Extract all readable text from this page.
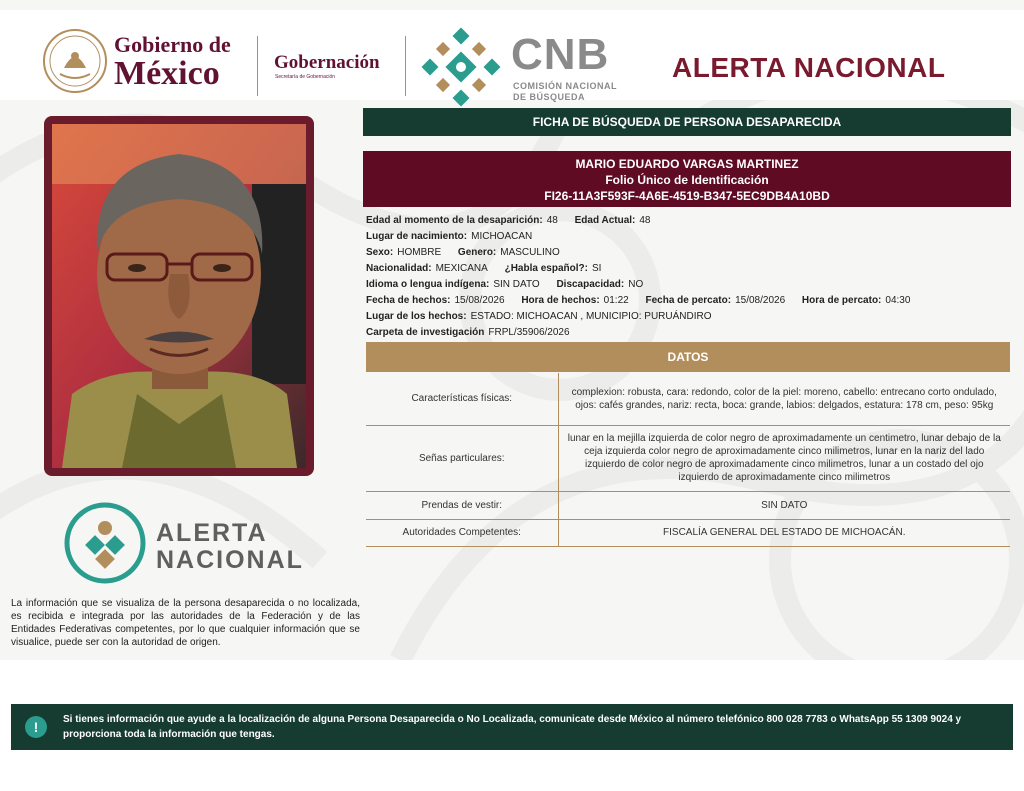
Gobierno de
México	Gobernación
Secretaría de Gobernación	CNB
COMISIÓN NACIONAL
DE BÚSQUEDA
ALERTA NACIONAL
FICHA DE BÚSQUEDA DE PERSONA DESAPARECIDA
MARIO EDUARDO VARGAS MARTINEZ
Folio Único de Identificación
FI26-11A3F593F-4A6E-4519-B347-5EC9DB4A10BD
Edad al momento de la desaparición: 48 Edad Actual: 48
Lugar de nacimiento: MICHOACAN
Sexo: HOMBRE Genero: MASCULINO
Nacionalidad: MEXICANA ¿Habla español?: SI
Idioma o lengua indígena: SIN DATO Discapacidad: NO
Fecha de hechos: 15/08/2026 Hora de hechos: 01:22 Fecha de percato: 15/08/2026 Hora de percato: 04:30
Lugar de los hechos: ESTADO: MICHOACAN , MUNICIPIO: PURUÁNDIRO
Carpeta de investigación FRPL/35906/2026
DATOS
Características físicas:	complexion: robusta, cara: redondo, color de la piel: moreno, cabello: entrecano corto ondulado, ojos: cafés grandes, nariz: recta, boca: grande, labios: delgados, estatura: 178 cm, peso: 95kg
Señas particulares:	lunar en la mejilla izquierda de color negro de aproximadamente un centimetro, lunar debajo de la ceja izquierda color negro de aproximadamente cinco milimetros, lunar en la nariz del lado izquierdo de color negro de aproximadamente cinco milimetros, lunar a un costado del ojo izquierdo de aproximadamente cinco milimetros
Prendas de vestir:	SIN DATO
Autoridades Competentes:	FISCALÍA GENERAL DEL ESTADO DE MICHOACÁN.
ALERTA
NACIONAL
La información que se visualiza de la persona desaparecida o no localizada, es recibida e integrada por las autoridades de la Federación y de las Entidades Federativas competentes, por lo que cualquier información que se visualice, puede ser con la autoridad de origen.
!	Si tienes información que ayude a la localización de alguna Persona Desaparecida o No Localizada, comunicate desde México al número telefónico 800 028 7783 o WhatsApp 55 1309 9024 y proporciona toda la información que tengas.
